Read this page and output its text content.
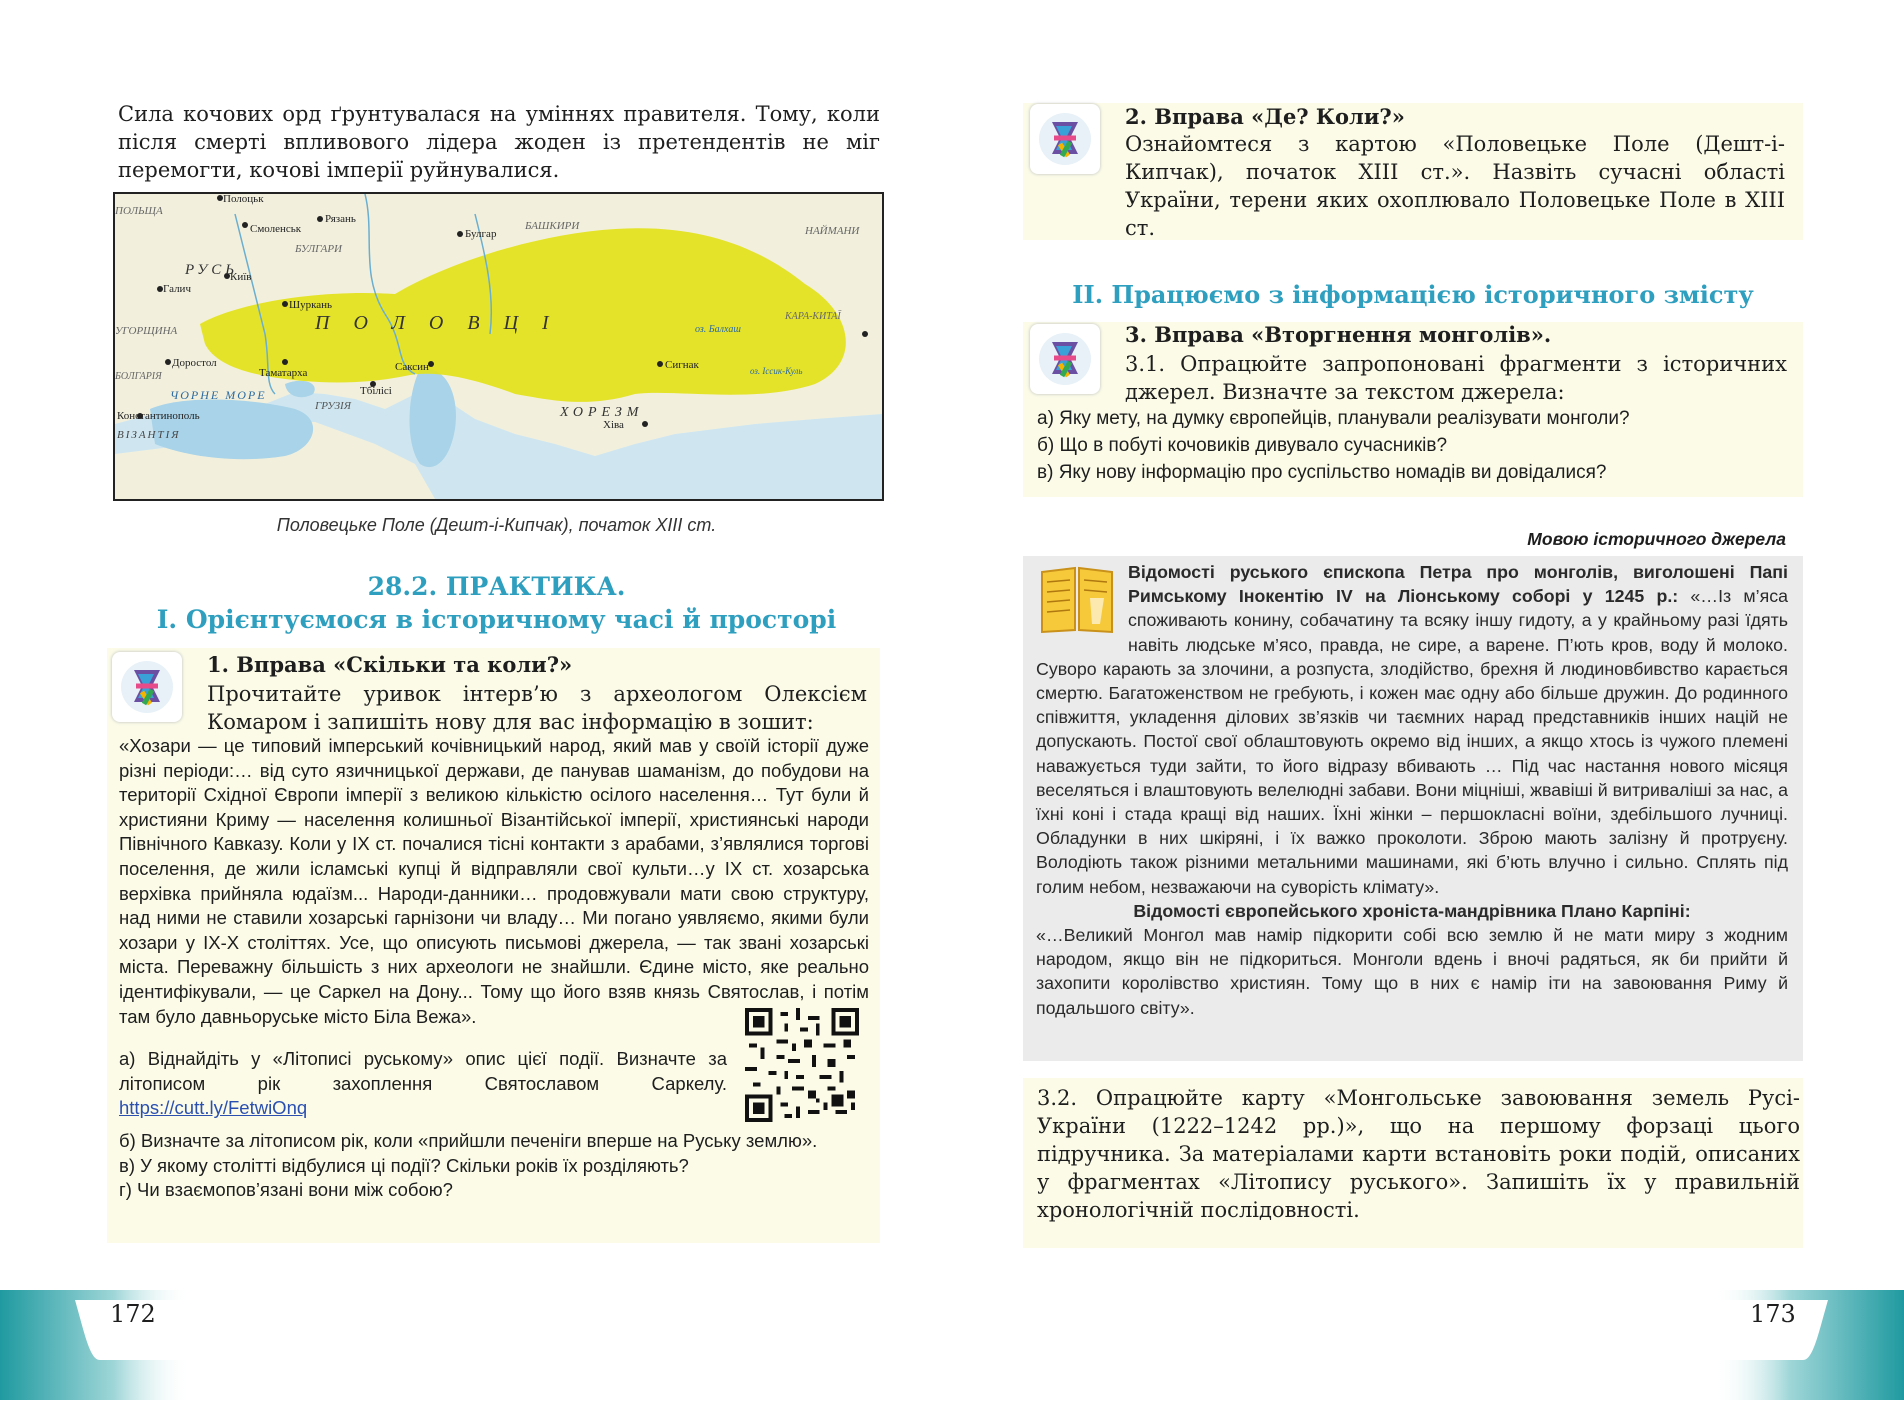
Сила кочових орд ґрунтувалася на уміннях правителя. Тому, коли після смерті впливового лідера жоден із претендентів не міг перемогти, кочові імперії руйнувалися.
Полоцьк
Смоленськ
Рязань
Булгар
Київ
Галич
Шуркань
Доростол
Таматарха	Саксин	Сигнак
Тбілісі
Константинополь
Хіва
БУЛГАРИ
БАШКИРИ	НАЙМАНИ
РУСЬ
ПОЛОВЦІ
ПОЛЬЩА
УГОРЩИНА
ЧОРНЕ МОРЕ
ГРУЗІЯ	ХОРЕЗМ
ВІЗАНТІЯ
БОЛГАРІЯ
КАРА-КИТАЇ
оз. Балхаш
оз. Іссик-Куль
Половецьке Поле (Дешт-і-Кипчак), початок XIII ст.
28.2. ПРАКТИКА.
І. Орієнтуємося в історичному часі й просторі
1. Вправа «Скільки та коли?»
Прочитайте уривок інтерв’ю з археологом Олексієм Комаром і запишіть нову для вас інформацію в зошит:
«Хозари — це типовий імперський кочівницький народ, який мав у своїй історії дуже різні періоди:… від суто язичницької держави, де панував шаманізм, до побудови на території Східної Європи імперії з великою кількістю осілого населення… Тут були й християни Криму — населення колишньої Візантійської імперії, християнські народи Північного Кавказу. Коли у IX ст. почалися тісні контакти з арабами, з’являлися торгові поселення, де жили ісламські купці й відправляли свої культи…у IX ст. хозарська верхівка прийняла юдаїзм... Народи-данники… продовжували мати свою структуру, над ними не ставили хозарські гарнізони чи владу… Ми погано уявляємо, якими були хозари у IX-X століттях. Усе, що описують письмові джерела, — так звані хозарські міста. Переважну більшість з них археологи не знайшли. Єдине місто, яке реально ідентифікували, — це Саркел на Дону... Тому що його взяв князь Святослав, і потім там було давньоруське місто Біла Вежа».
а) Віднайдіть у «Літописі руському» опис цієї події. Визначте за літописом рік захоплення Святославом Саркелу. https://cutt.ly/FetwiOnq
б) Визначте за літописом рік, коли «прийшли печеніги вперше на Руську землю».
в) У якому столітті відбулися ці події? Скільки років їх розділяють?
г) Чи взаємопов’язані вони між собою?
2. Вправа «Де? Коли?»
Ознайомтеся з картою «Половецьке Поле (Дешт-і-Кипчак), початок XIII ст.». Назвіть сучасні області України, терени яких охоплювало Половецьке Поле в XIII ст.
ІІ. Працюємо з інформацією історичного змісту
3. Вправа «Вторгнення монголів».
3.1. Опрацюйте запропоновані фрагменти з історичних джерел. Визначте за текстом джерела:
а) Яку мету, на думку європейців, планували реалізувати монголи?
б) Що в побуті кочовиків дивувало сучасників?
в) Яку нову інформацію про суспільство номадів ви довідалися?
Мовою історичного джерела
Відомості руського єпископа Петра про монголів, виголошені Папі Римському Інокентію IV на Ліонському соборі у 1245 р.: «…Із м’яса споживають конину, собачатину та всяку іншу гидоту, а у крайньому разі їдять навіть людське м’ясо, правда, не сире, а варене. П’ють кров, воду й молоко. Суворо карають за злочини, а розпуста, злодійство, брехня й людиновбивство карається смертю. Багатоженством не гребують, і кожен має одну або більше дружин. До родинного співжиття, укладення ділових зв’язків чи таємних нарад представників інших націй не допускають. Постої свої облаштовують окремо від інших, а якщо хтось із чужого племені наважується туди зайти, то його відразу вбивають … Під час настання нового місяця веселяться і влаштовують велелюдні забави. Вони міцніші, жвавіші й витриваліші за нас, а їхні коні і стада кращі від наших. Їхні жінки – першокласні воїни, здебільшого лучниці. Обладунки в них шкіряні, і їх важко проколоти. Зброю мають залізну й протруєну. Володіють також різними метальними машинами, які б’ють влучно і сильно. Сплять під голим небом, незважаючи на суворість клімату».
Відомості європейського хроніста-мандрівника Плано Карпіні:
«…Великий Монгол мав намір підкорити собі всю землю й не мати миру з жодним народом, якщо він не підкориться. Монголи вдень і вночі радяться, як би прийти й захопити королівство християн. Тому що в них є намір іти на завоювання Риму й подальшого світу».
3.2. Опрацюйте карту «Монгольське завоювання земель Русі-України (1222–1242 рр.)», що на першому форзаці цього підручника. За матеріалами карти встановіть роки подій, описаних у фрагментах «Літопису руського». Запишіть їх у правильній хронологічній послідовності.
172	173
